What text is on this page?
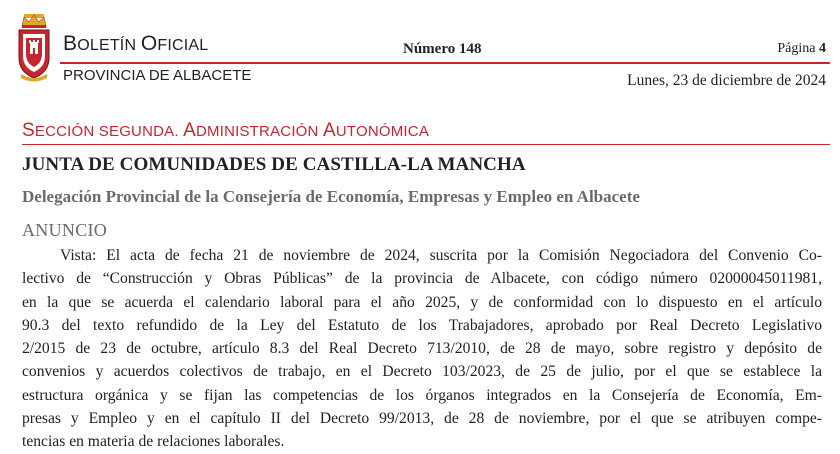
BOLETÍN OFICIAL
PROVINCIA DE ALBACETE
Número 148	Página 4
Lunes, 23 de diciembre de 2024
SECCIÓN SEGUNDA. ADMINISTRACIÓN AUTONÓMICA
JUNTA DE COMUNIDADES DE CASTILLA-LA MANCHA
Delegación Provincial de la Consejería de Economía, Empresas y Empleo en Albacete
ANUNCIO
Vista: El acta de fecha 21 de noviembre de 2024, suscrita por la Comisión Negociadora del Convenio Co-
lectivo de “Construcción y Obras Públicas” de la provincia de Albacete, con código número 02000045011981,
en la que se acuerda el calendario laboral para el año 2025, y de conformidad con lo dispuesto en el artículo
90.3 del texto refundido de la Ley del Estatuto de los Trabajadores, aprobado por Real Decreto Legislativo
2/2015 de 23 de octubre, artículo 8.3 del Real Decreto 713/2010, de 28 de mayo, sobre registro y depósito de
convenios y acuerdos colectivos de trabajo, en el Decreto 103/2023, de 25 de julio, por el que se establece la
estructura orgánica y se fijan las competencias de los órganos integrados en la Consejería de Economía, Em-
presas y Empleo y en el capítulo II del Decreto 99/2013, de 28 de noviembre, por el que se atribuyen compe-
tencias en materia de relaciones laborales.
